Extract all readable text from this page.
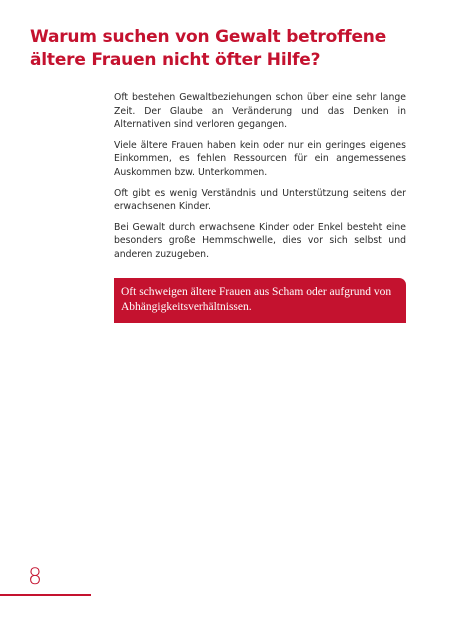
Warum suchen von Gewalt betroffene ältere Frauen nicht öfter Hilfe?

Oft bestehen Gewaltbeziehungen schon über eine sehr lange Zeit. Der Glaube an Veränderung und das Denken in Alternativen sind verloren gegangen.

Viele ältere Frauen haben kein oder nur ein geringes eigenes Einkommen, es fehlen Ressourcen für ein angemessenes Auskommen bzw. Unterkommen.

Oft gibt es wenig Verständnis und Unterstützung seitens der erwachsenen Kinder.

Bei Gewalt durch erwachsene Kinder oder Enkel besteht eine besonders große Hemmschwelle, dies vor sich selbst und anderen zuzugeben.

Oft schweigen ältere Frauen aus Scham oder aufgrund von Abhängigkeitsverhältnissen.

8
